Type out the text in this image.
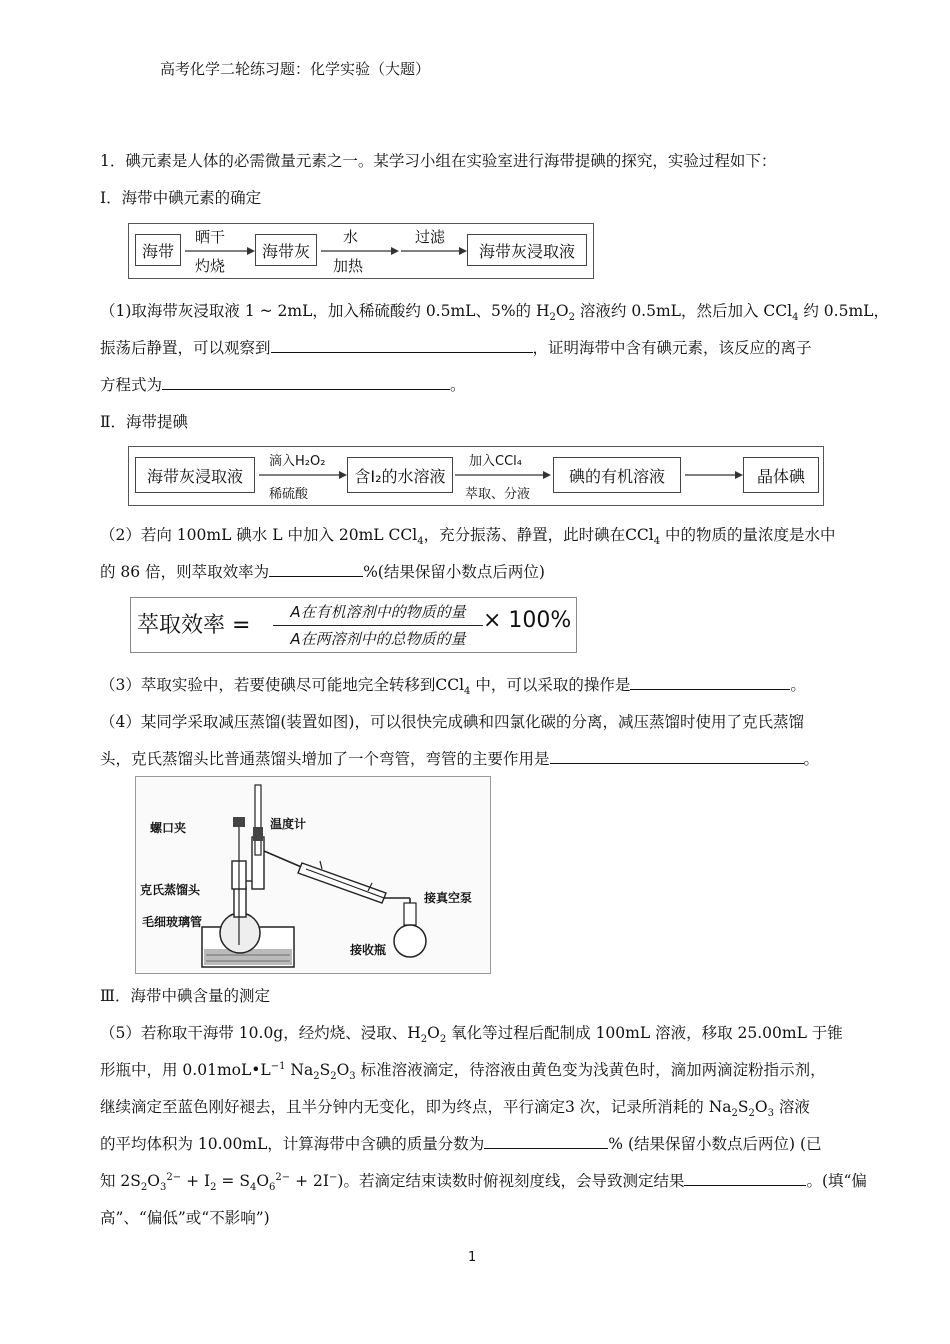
高考化学二轮练习题：化学实验（大题）
1．碘元素是人体的必需微量元素之一。某学习小组在实验室进行海带提碘的探究，实验过程如下：
Ⅰ．海带中碘元素的确定
海带
晒干
灼烧
海带灰
水
加热
过滤
海带灰浸取液
（1)取海带灰浸取液 1 ~ 2mL，加入稀硫酸约 0.5mL、5%的 $H_2O_2$ 溶液约 0.5mL，然后加入 CCl$_4$ 约 0.5mL，
振荡后静置，可以观察到	，证明海带中含有碘元素，该反应的离子
方程式为	。
Ⅱ．海带提碘
海带灰浸取液
滴入H₂O₂
稀硫酸
含I₂的水溶液
加入CCl₄
萃取、分液
碘的有机溶液	晶体碘
（2）若向 100mL 碘水 L 中加入 20mL CCl$_4$，充分振荡、静置，此时碘在CCl$_4$ 中的物质的量浓度是水中
的 86 倍，则萃取效率为	%(结果保留小数点后两位)
萃取效率 =
A在有机溶剂中的物质的量
A在两溶剂中的总物质的量
× 100%
（3）萃取实验中，若要使碘尽可能地完全转移到CCl$_4$ 中，可以采取的操作是	。
（4）某同学采取减压蒸馏(装置如图)，可以很快完成碘和四氯化碳的分离，减压蒸馏时使用了克氏蒸馏
头，克氏蒸馏头比普通蒸馏头增加了一个弯管，弯管的主要作用是	。
螺口夹	温度计
克氏蒸馏头
毛细玻璃管
接真空泵
接收瓶
Ⅲ．海带中碘含量的测定
（5）若称取干海带 10.0g，经灼烧、浸取、$H_2O_2$ 氧化等过程后配制成 100mL 溶液，移取 25.00mL 于锥
形瓶中，用 $0.01moL•L^{-1}$ $Na_2S_2O_3$ 标准溶液滴定，待溶液由黄色变为浅黄色时，滴加两滴淀粉指示剂，
继续滴定至蓝色刚好褪去，且半分钟内无变化，即为终点，平行滴定3 次，记录所消耗的 $Na_2S_2O_3$ 溶液
的平均体积为 10.00mL，计算海带中含碘的质量分数为	% (结果保留小数点后两位) (已
知 $2S_2O_3^{2-} + I_2 = S_4O_6^{2-} + 2I^-$)。若滴定结束读数时俯视刻度线，会导致测定结果	。(填“偏
高”、“偏低”或“不影响”)
1
